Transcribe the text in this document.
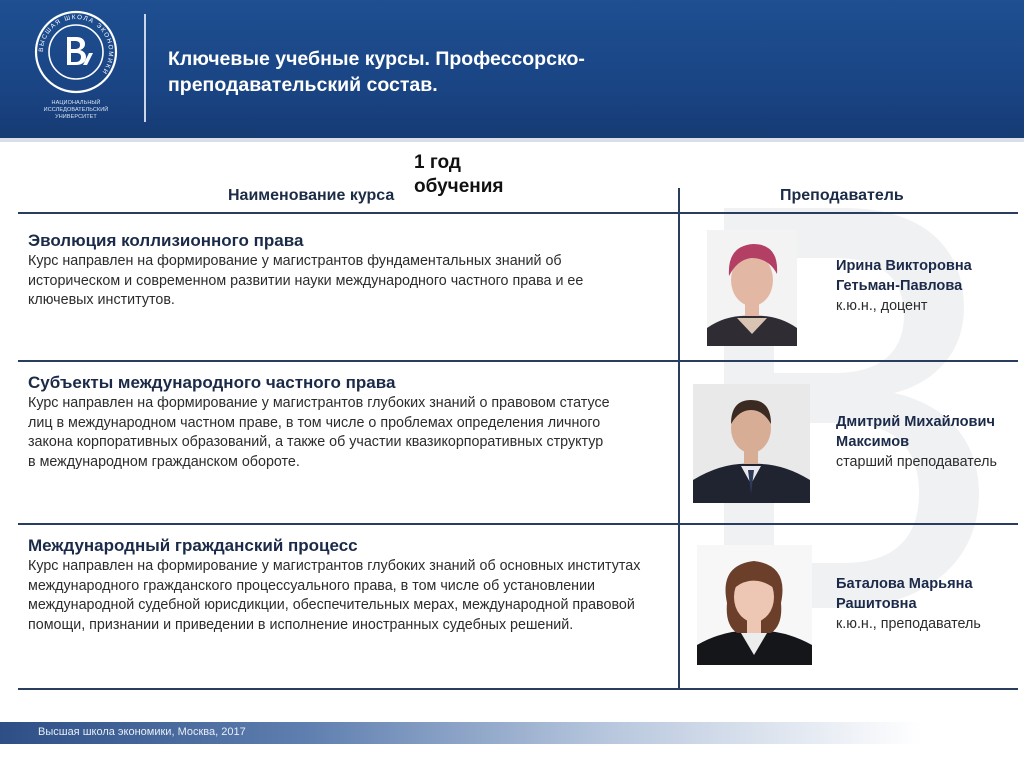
ВЫСШАЯ ШКОЛА ЭКОНОМИКИ
НАЦИОНАЛЬНЫЙ ИССЛЕДОВАТЕЛЬСКИЙ УНИВЕРСИТЕТ
Ключевые учебные курсы. Профессорско-преподавательский состав.
1 год обучения
Наименование курса	Преподаватель
Эволюция коллизионного права
Курс направлен на формирование у магистрантов фундаментальных знаний об историческом и современном развитии науки международного частного права и ее ключевых институтов.
Ирина Викторовна
Гетьман-Павлова
к.ю.н., доцент
Субъекты международного частного права
Курс направлен на формирование у магистрантов глубоких знаний о правовом статусе лиц в международном частном праве, в том числе о проблемах определения личного закона корпоративных образований, а также об участии квазикорпоративных структур в международном гражданском обороте.
Дмитрий Михайлович
Максимов
старший преподаватель
Международный гражданский процесс
Курс направлен на формирование у магистрантов глубоких знаний об основных институтах международного гражданского процессуального права, в том числе об установлении международной судебной юрисдикции, обеспечительных мерах, международной правовой помощи, признании и приведении в исполнение иностранных судебных решений.
Баталова Марьяна
Рашитовна
к.ю.н., преподаватель
Высшая школа экономики, Москва, 2017
